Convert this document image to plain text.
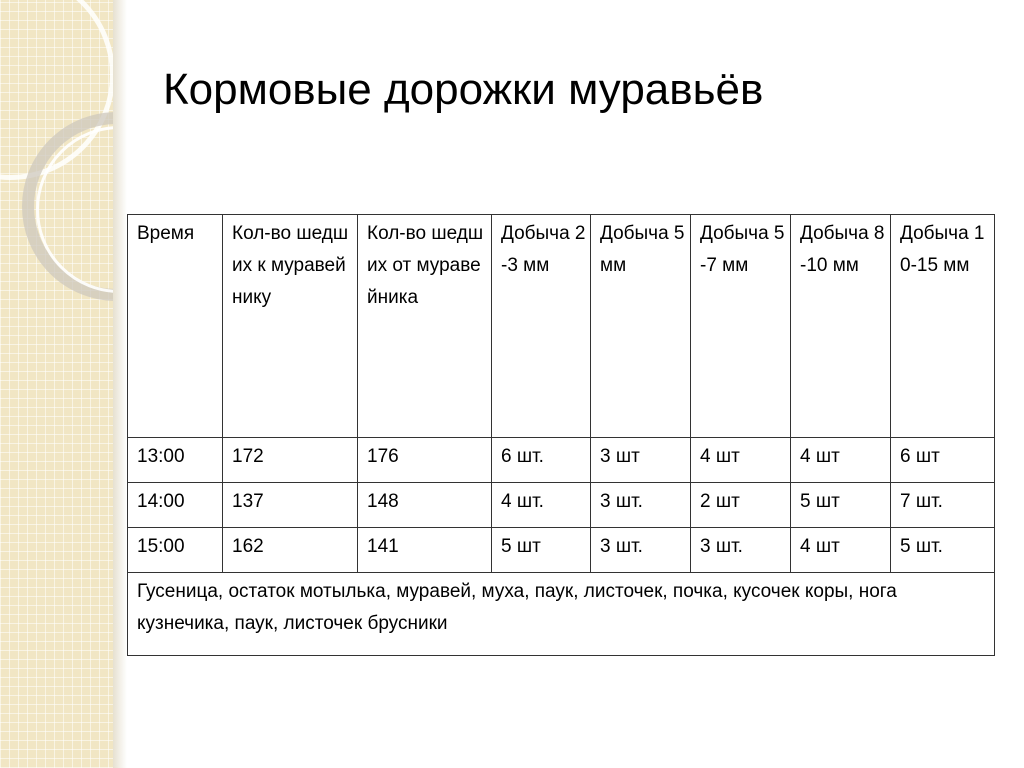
Кормовые дорожки муравьёв
Время	Кол-во шедших к муравейнику	Кол-во шедших от муравейника	Добыча 2-3 мм	Добыча 5 мм	Добыча 5-7 мм	Добыча 8-10 мм	Добыча 10-15 мм
13:00	172	176	6 шт.	3 шт	4 шт	4 шт	6 шт
14:00	137	148	4 шт.	3 шт.	2 шт	5 шт	7 шт.
15:00	162	141	5 шт	3 шт.	3 шт.	4 шт	5 шт.
Гусеница, остаток мотылька, муравей, муха, паук, листочек, почка, кусочек коры, нога кузнечика, паук, листочек брусники							
